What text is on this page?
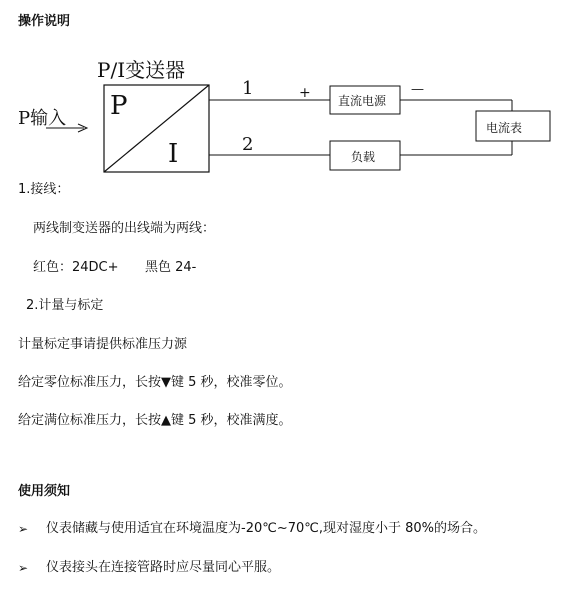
操作说明
P/I变送器
P
I
P输入
1
2
+	—
直流电源
电流表
负载
1.接线：
两线制变送器的出线端为两线：
红色：24DC+ 黑色 24-
2.计量与标定
计量标定事请提供标准压力源
给定零位标准压力，长按▼键 5 秒，校准零位。
给定满位标准压力，长按▲键 5 秒，校准满度。
使用须知
➢ 仪表储藏与使用适宜在环境温度为-20℃~70℃,现对湿度小于 80%的场合。
➢ 仪表接头在连接管路时应尽量同心平服。
